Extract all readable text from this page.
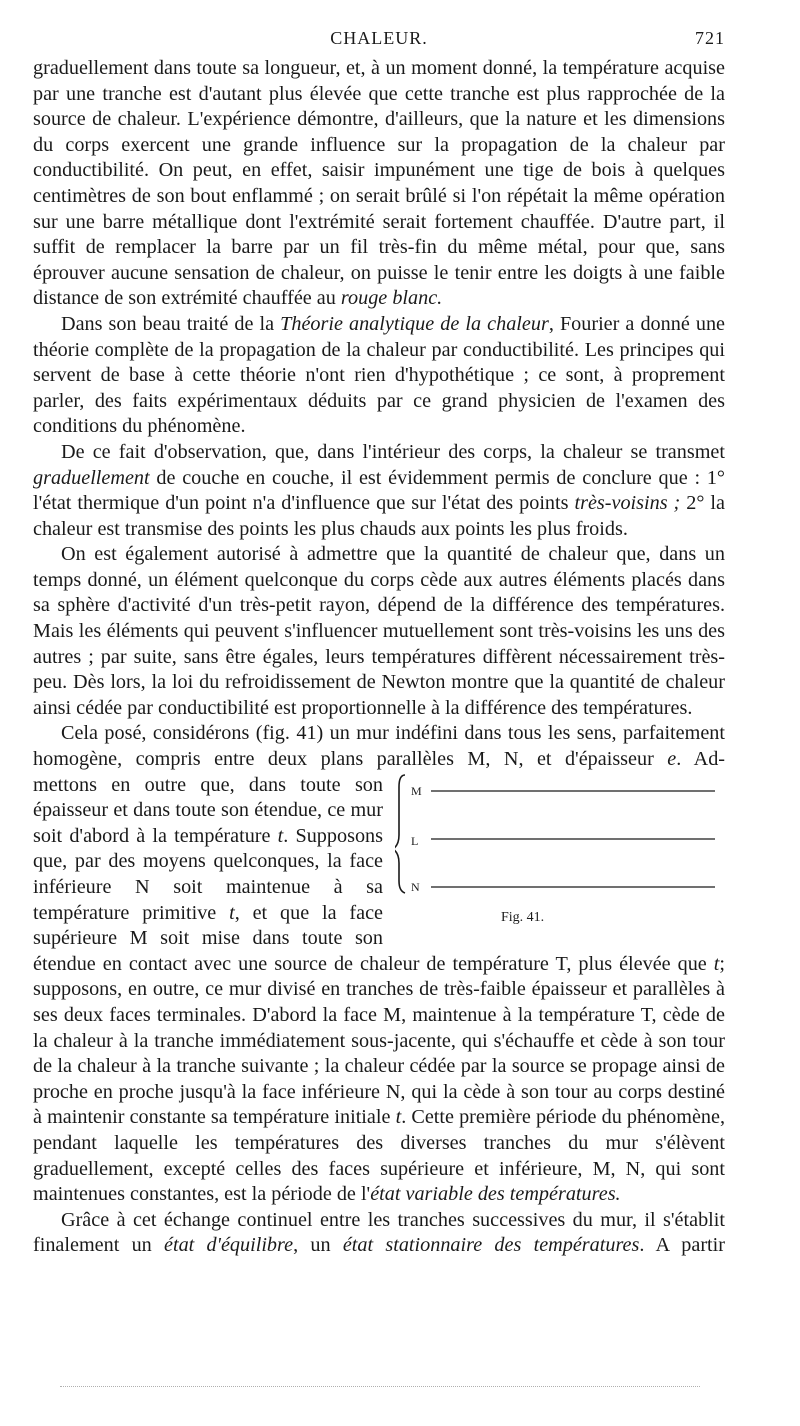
CHALEUR.	721

graduellement dans toute sa longueur, et, à un moment donné, la température acquise par une tranche est d'autant plus élevée que cette tranche est plus rapprochée de la source de chaleur. L'expérience démontre, d'ailleurs, que la nature et les dimensions du corps exercent une grande influence sur la propagation de la chaleur par conductibilité. On peut, en effet, saisir impunément une tige de bois à quelques centimètres de son bout enflammé ; on serait brûlé si l'on répétait la même opération sur une barre métallique dont l'extrémité serait fortement chauffée. D'autre part, il suffit de remplacer la barre par un fil très-fin du même métal, pour que, sans éprouver aucune sensation de chaleur, on puisse le tenir entre les doigts à une faible distance de son extrémité chauffée au rouge blanc.

Dans son beau traité de la Théorie analytique de la chaleur, Fourier a donné une théorie complète de la propagation de la chaleur par conductibilité. Les principes qui servent de base à cette théorie n'ont rien d'hypothétique ; ce sont, à proprement parler, des faits expérimentaux déduits par ce grand physicien de l'examen des conditions du phénomène.

De ce fait d'observation, que, dans l'intérieur des corps, la chaleur se transmet graduellement de couche en couche, il est évidemment permis de conclure que : 1° l'état thermique d'un point n'a d'influence que sur l'état des points très-voisins ; 2° la chaleur est transmise des points les plus chauds aux points les plus froids.

On est également autorisé à admettre que la quantité de chaleur que, dans un temps donné, un élément quelconque du corps cède aux autres éléments placés dans sa sphère d'activité d'un très-petit rayon, dépend de la différence des températures. Mais les éléments qui peuvent s'influencer mutuellement sont très-voisins les uns des autres ; par suite, sans être égales, leurs températures diffèrent nécessairement très-peu. Dès lors, la loi du refroidissement de Newton montre que la quantité de chaleur ainsi cédée par conductibilité est proportionnelle à la différence des températures.

Cela posé, considérons (fig. 41) un mur indéfini dans tous les sens, parfaitement homogène, compris entre deux plans parallèles M, N, et d'épaisseur e. Ad-

M
L
N
Fig. 41.
mettons en outre que, dans toute son épaisseur et dans toute son étendue, ce mur soit d'abord à la température t. Supposons que, par des moyens quelconques, la face inférieure N soit maintenue à sa température primitive t, et que la face supérieure M soit mise dans toute son étendue en contact avec une source de chaleur de température T, plus élevée que t; supposons, en outre, ce mur divisé en tranches de très-faible épaisseur et parallèles à ses deux faces terminales. D'abord la face M, maintenue à la température T, cède de la chaleur à la tranche immédiatement sous-jacente, qui s'échauffe et cède à son tour de la chaleur à la tranche suivante ; la chaleur cédée par la source se propage ainsi de proche en proche jusqu'à la face inférieure N, qui la cède à son tour au corps destiné à maintenir constante sa température initiale t. Cette première période du phénomène, pendant laquelle les températures des diverses tranches du mur s'élèvent graduellement, excepté celles des faces supérieure et inférieure, M, N, qui sont maintenues constantes, est la période de l'état variable des températures.

Grâce à cet échange continuel entre les tranches successives du mur, il s'établit finalement un état d'équilibre, un état stationnaire des températures. A partir
